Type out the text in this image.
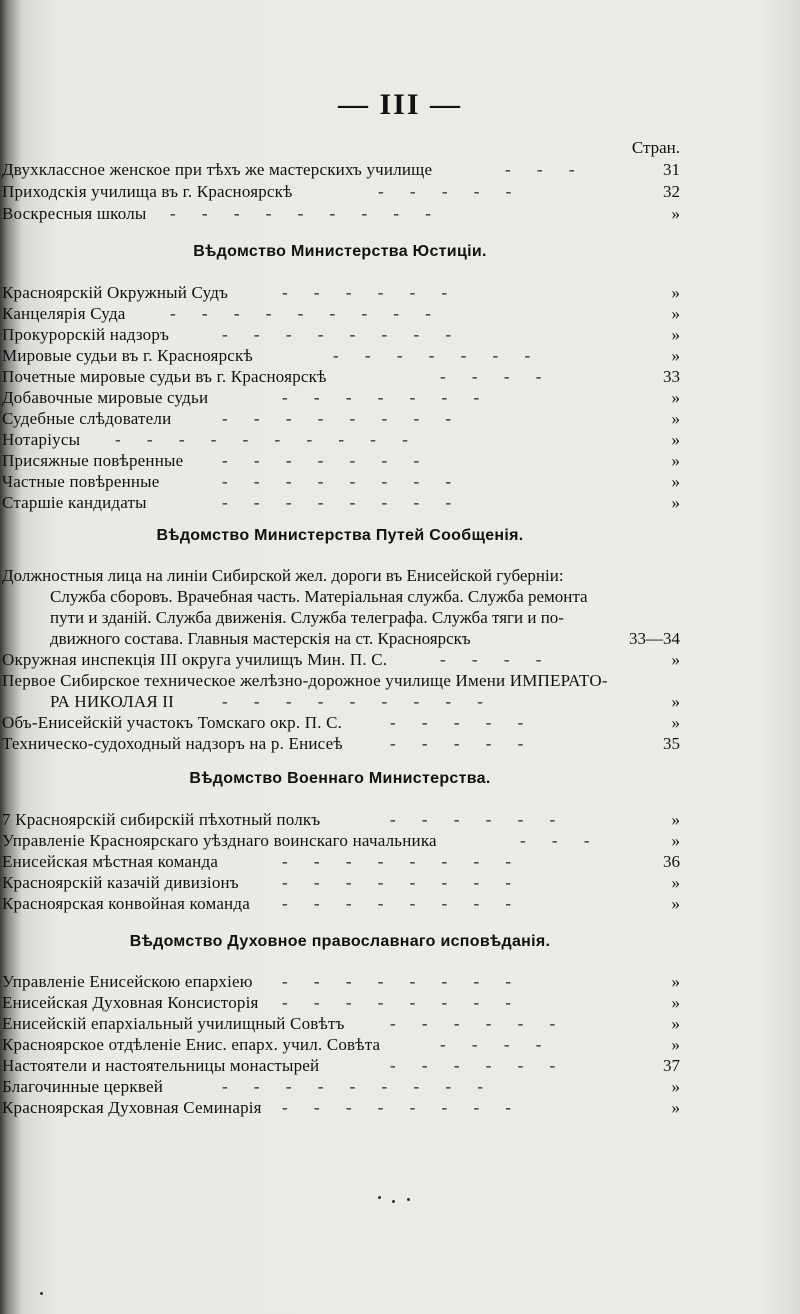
— III —
Стран.
Двухклассное женское при тѣхъ же мастерскихъ училище	- - -	31
Приходскія училища въ г. Красноярскѣ	- - - - -	32
Воскресныя школы - - - - - - - - -	»
Вѣдомство Министерства Юстиціи.
Красноярскій Окружный Судъ	- - - - - -	»
Канцелярія Суда	- - - - - - - - -	»
Прокурорскій надзоръ	- - - - - - - -	»
Мировые судьи въ г. Красноярскѣ	- - - - - - -	»
Почетные мировые судьи въ г. Красноярскѣ	- - - -	33
Добавочные мировые судьи	- - - - - - -	»
Судебные слѣдователи	- - - - - - - -	»
Нотаріусы - - - - - - - - - -	»
Присяжные повѣренные - - - - - - -	»
Частные повѣренные	- - - - - - - -	»
Старшіе кандидаты	- - - - - - - -	»
Вѣдомство Министерства Путей Сообщенія.
Должностныя лица на линіи Сибирской жел. дороги въ Енисейской губерніи:
Служба сборовъ. Врачебная часть. Матеріальная служба. Служба ремонта
пути и зданій. Служба движенія. Служба телеграфа. Служба тяги и по-
движного состава. Главныя мастерскія на ст. Красноярскъ	33—34
Окружная инспекція III округа училищъ Мин. П. С.	- - - -	»
Первое Сибирское техническое желѣзно-дорожное училище Имени ИМПЕРАТО-
РА НИКОЛАЯ II	- - - - - - - - -	»
Объ-Енисейскій участокъ Томскаго окр. П. С.	- - - - -	»
Техническо-судоходный надзоръ на р. Енисеѣ	- - - - -	35
Вѣдомство Военнаго Министерства.
7 Красноярскій сибирскій пѣхотный полкъ	- - - - - -	»
Управленіе Красноярскаго уѣзднаго воинскаго начальника	- - -	»
Енисейская мѣстная команда	- - - - - - - -	36
Красноярскій казачій дивизіонъ	- - - - - - - -	»
Красноярская конвойная команда - - - - - - - -	»
Вѣдомство Духовное православнаго исповѣданія.
Управленіе Енисейскою епархіею - - - - - - - -	»
Енисейская Духовная Консисторія - - - - - - - -	»
Енисейскій епархіальный училищный Совѣтъ	- - - - - -	»
Красноярское отдѣленіе Енис. епарх. учил. Совѣта	- - - -	»
Настоятели и настоятельницы монастырей	- - - - - -	37
Благочинные церквей	- - - - - - - - -	»
Красноярская Духовная Семинарія - - - - - - - -	»
